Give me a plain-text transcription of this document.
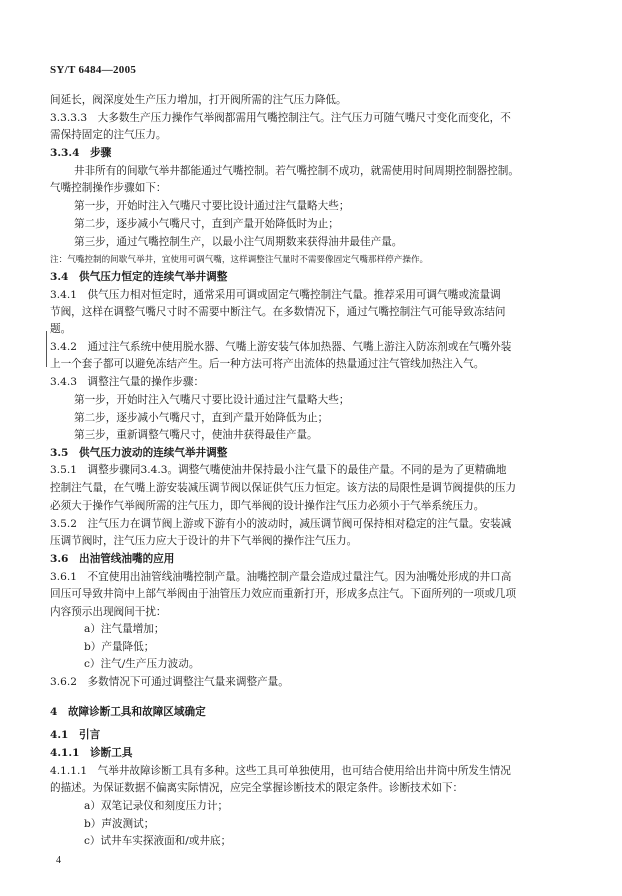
SY/T 6484—2005
间延长，阀深度处生产压力增加，打开阀所需的注气压力降低。
3.3.3.3　大多数生产压力操作气举阀都需用气嘴控制注气。注气压力可随气嘴尺寸变化而变化，不
需保持固定的注气压力。
3.3.4　步骤
井非所有的间歇气举井都能通过气嘴控制。若气嘴控制不成功，就需使用时间周期控制器控制。
气嘴控制操作步骤如下：
第一步，开始时注入气嘴尺寸要比设计通过注气量略大些；
第二步，逐步减小气嘴尺寸，直到产量开始降低时为止；
第三步，通过气嘴控制生产，以最小注气周期数来获得油井最佳产量。
注：气嘴控制的间歇气举井，宜使用可调气嘴，这样调整注气量时不需要像固定气嘴那样停产操作。
3.4　供气压力恒定的连续气举井调整
3.4.1　供气压力相对恒定时，通常采用可调或固定气嘴控制注气量。推荐采用可调气嘴或流量调
节阀，这样在调整气嘴尺寸时不需要中断注气。在多数情况下，通过气嘴控制注气可能导致冻结问
题。
3.4.2　通过注气系统中使用脱水器、气嘴上游安装气体加热器、气嘴上游注入防冻剂或在气嘴外装
上一个套子都可以避免冻结产生。后一种方法可将产出流体的热量通过注气管线加热注入气。
3.4.3　调整注气量的操作步骤：
第一步，开始时注入气嘴尺寸要比设计通过注气量略大些；
第二步，逐步减小气嘴尺寸，直到产量开始降低为止；
第三步，重新调整气嘴尺寸，使油井获得最佳产量。
3.5　供气压力波动的连续气举井调整
3.5.1　调整步骤同3.4.3。调整气嘴使油井保持最小注气量下的最佳产量。不同的是为了更精确地
控制注气量，在气嘴上游安装减压调节阀以保证供气压力恒定。该方法的局限性是调节阀提供的压力
必须大于操作气举阀所需的注气压力，即气举阀的设计操作注气压力必须小于气举系统压力。
3.5.2　注气压力在调节阀上游或下游有小的波动时，减压调节阀可保持相对稳定的注气量。安装减
压调节阀时，注气压力应大于设计的井下气举阀的操作注气压力。
3.6　出油管线油嘴的应用
3.6.1　不宜使用出油管线油嘴控制产量。油嘴控制产量会造成过量注气。因为油嘴处形成的井口高
回压可导致井筒中上部气举阀由于油管压力效应而重新打开，形成多点注气。下面所列的一项或几项
内容预示出现阀间干扰：
a）注气量增加；
b）产量降低；
c）注气/生产压力波动。
3.6.2　多数情况下可通过调整注气量来调整产量。
4　故障诊断工具和故障区域确定
4.1　引言
4.1.1　诊断工具
4.1.1.1　气举井故障诊断工具有多种。这些工具可单独使用，也可结合使用给出井筒中所发生情况
的描述。为保证数据不偏离实际情况，应完全掌握诊断技术的限定条件。诊断技术如下：
a）双笔记录仪和刻度压力计；
b）声波测试；
c）试井车实探液面和/或井底；
4
